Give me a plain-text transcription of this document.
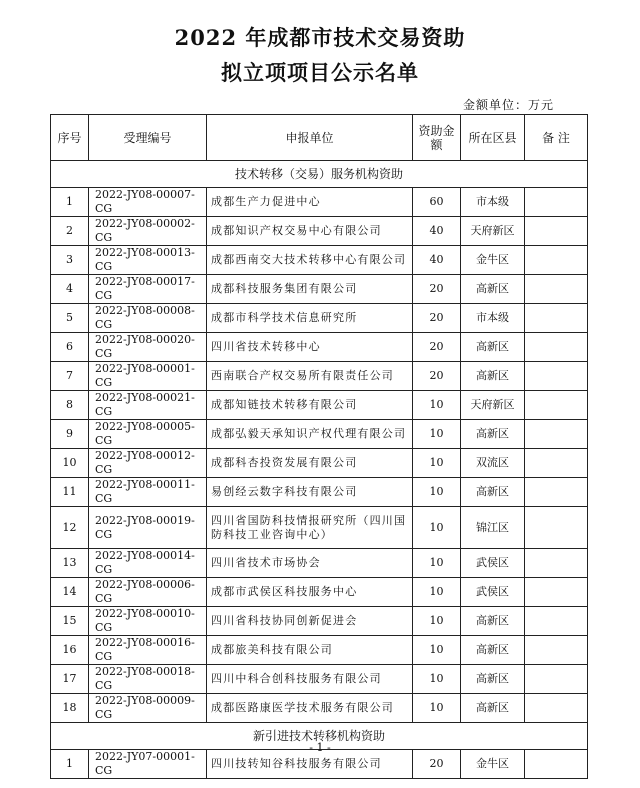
2022 年成都市技术交易资助
拟立项项目公示名单
金额单位：万元
序号	受理编号	申报单位	资助金额	所在区县	备 注
技术转移（交易）服务机构资助					
1	2022-JY08-00007-CG	成都生产力促进中心	60	市本级	
2	2022-JY08-00002-CG	成都知识产权交易中心有限公司	40	天府新区	
3	2022-JY08-00013-CG	成都西南交大技术转移中心有限公司	40	金牛区	
4	2022-JY08-00017-CG	成都科技服务集团有限公司	20	高新区	
5	2022-JY08-00008-CG	成都市科学技术信息研究所	20	市本级	
6	2022-JY08-00020-CG	四川省技术转移中心	20	高新区	
7	2022-JY08-00001-CG	西南联合产权交易所有限责任公司	20	高新区	
8	2022-JY08-00021-CG	成都知链技术转移有限公司	10	天府新区	
9	2022-JY08-00005-CG	成都弘毅天承知识产权代理有限公司	10	高新区	
10	2022-JY08-00012-CG	成都科杏投资发展有限公司	10	双流区	
11	2022-JY08-00011-CG	易创经云数字科技有限公司	10	高新区	
12	2022-JY08-00019-CG	四川省国防科技情报研究所（四川国防科技工业咨询中心）	10	锦江区	
13	2022-JY08-00014-CG	四川省技术市场协会	10	武侯区	
14	2022-JY08-00006-CG	成都市武侯区科技服务中心	10	武侯区	
15	2022-JY08-00010-CG	四川省科技协同创新促进会	10	高新区	
16	2022-JY08-00016-CG	成都旅美科技有限公司	10	高新区	
17	2022-JY08-00018-CG	四川中科合创科技服务有限公司	10	高新区	
18	2022-JY08-00009-CG	成都医路康医学技术服务有限公司	10	高新区	
新引进技术转移机构资助					
1	2022-JY07-00001-CG	四川技转知谷科技服务有限公司	20	金牛区	
- 1 -
